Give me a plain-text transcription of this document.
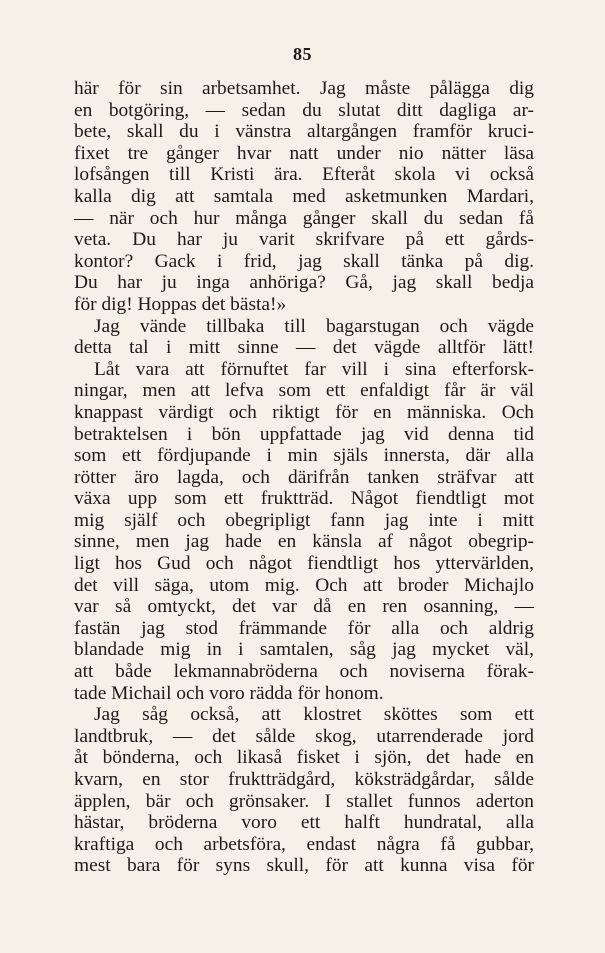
85
här för sin arbetsamhet. Jag måste pålägga dig
en botgöring, — sedan du slutat ditt dagliga ar-
bete, skall du i vänstra altargången framför kruci-
fixet tre gånger hvar natt under nio nätter läsa
lofsången till Kristi ära. Efteråt skola vi också
kalla dig att samtala med asketmunken Mardari,
— när och hur många gånger skall du sedan få
veta. Du har ju varit skrifvare på ett gårds-
kontor? Gack i frid, jag skall tänka på dig.
Du har ju inga anhöriga? Gå, jag skall bedja
för dig! Hoppas det bästa!»
Jag vände tillbaka till bagarstugan och vägde
detta tal i mitt sinne — det vägde alltför lätt!
Låt vara att förnuftet far vill i sina efterforsk-
ningar, men att lefva som ett enfaldigt får är väl
knappast värdigt och riktigt för en människa. Och
betraktelsen i bön uppfattade jag vid denna tid
som ett fördjupande i min själs innersta, där alla
rötter äro lagda, och därifrån tanken sträfvar att
växa upp som ett fruktträd. Något fiendtligt mot
mig själf och obegripligt fann jag inte i mitt
sinne, men jag hade en känsla af något obegrip-
ligt hos Gud och något fiendtligt hos yttervärlden,
det vill säga, utom mig. Och att broder Michajlo
var så omtyckt, det var då en ren osanning, —
fastän jag stod främmande för alla och aldrig
blandade mig in i samtalen, såg jag mycket väl,
att både lekmannabröderna och noviserna förak-
tade Michail och voro rädda för honom.
Jag såg också, att klostret sköttes som ett
landtbruk, — det sålde skog, utarrenderade jord
åt bönderna, och likaså fisket i sjön, det hade en
kvarn, en stor fruktträdgård, köksträdgårdar, sålde
äpplen, bär och grönsaker. I stallet funnos aderton
hästar, bröderna voro ett halft hundratal, alla
kraftiga och arbetsföra, endast några få gubbar,
mest bara för syns skull, för att kunna visa för
